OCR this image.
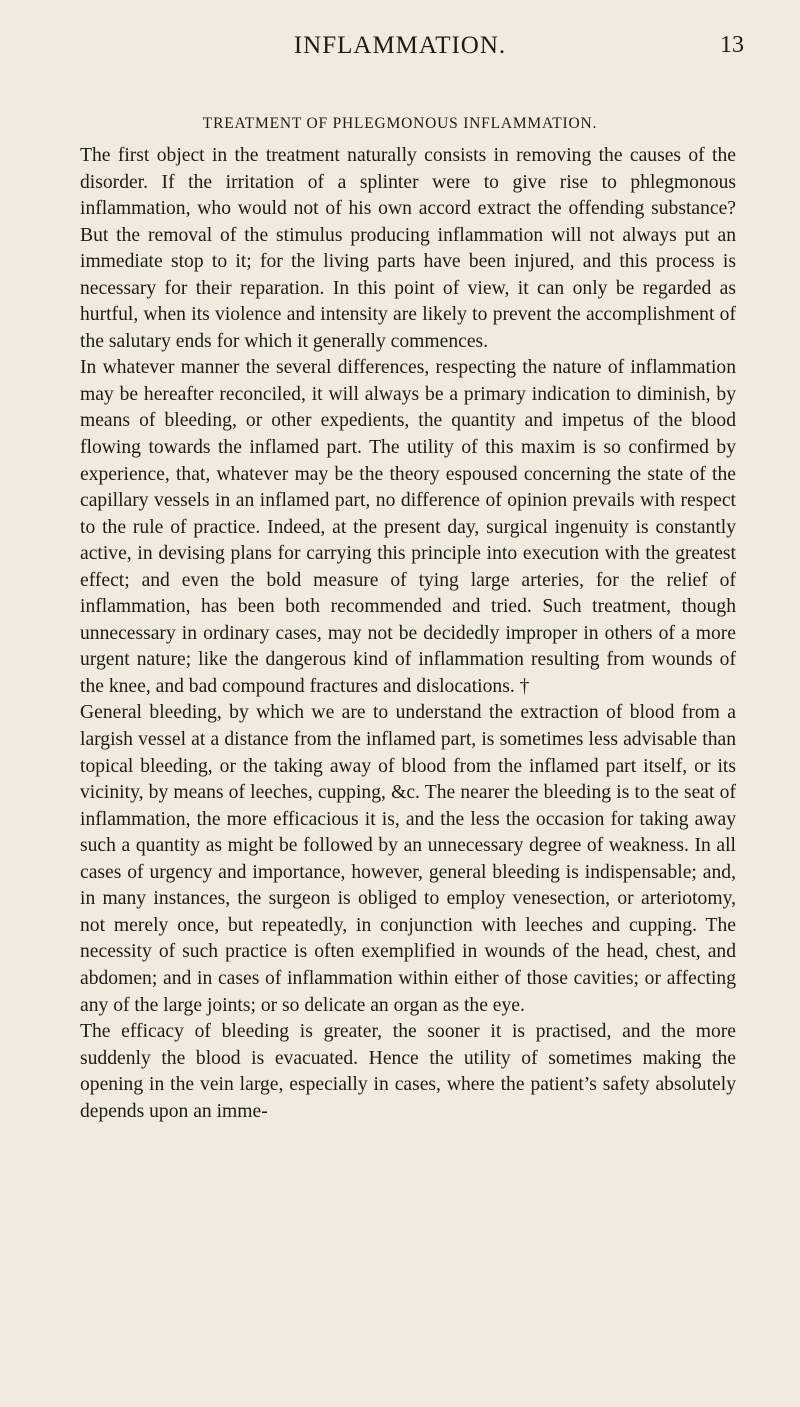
INFLAMMATION.	13
TREATMENT OF PHLEGMONOUS INFLAMMATION.

The first object in the treatment naturally consists in removing the causes of the disorder. If the irritation of a splinter were to give rise to phlegmonous inflammation, who would not of his own accord extract the offending substance? But the removal of the stimulus producing inflammation will not always put an immediate stop to it; for the living parts have been injured, and this process is necessary for their reparation. In this point of view, it can only be regarded as hurtful, when its violence and intensity are likely to prevent the accomplishment of the salutary ends for which it generally commences.

In whatever manner the several differences, respecting the nature of inflammation may be hereafter reconciled, it will always be a primary indication to diminish, by means of bleeding, or other expedients, the quantity and impetus of the blood flowing towards the inflamed part. The utility of this maxim is so confirmed by experience, that, whatever may be the theory espoused concerning the state of the capillary vessels in an inflamed part, no difference of opinion prevails with respect to the rule of practice. Indeed, at the present day, surgical ingenuity is constantly active, in devising plans for carrying this principle into execution with the greatest effect; and even the bold measure of tying large arteries, for the relief of inflammation, has been both recommended and tried. Such treatment, though unnecessary in ordinary cases, may not be decidedly improper in others of a more urgent nature; like the dangerous kind of inflammation resulting from wounds of the knee, and bad compound fractures and dislocations. †

General bleeding, by which we are to understand the extraction of blood from a largish vessel at a distance from the inflamed part, is sometimes less advisable than topical bleeding, or the taking away of blood from the inflamed part itself, or its vicinity, by means of leeches, cupping, &c. The nearer the bleeding is to the seat of inflammation, the more efficacious it is, and the less the occasion for taking away such a quantity as might be followed by an unnecessary degree of weakness. In all cases of urgency and importance, however, general bleeding is indispensable; and, in many instances, the surgeon is obliged to employ venesection, or arteriotomy, not merely once, but repeatedly, in conjunction with leeches and cupping. The necessity of such practice is often exemplified in wounds of the head, chest, and abdomen; and in cases of inflammation within either of those cavities; or affecting any of the large joints; or so delicate an organ as the eye.

The efficacy of bleeding is greater, the sooner it is practised, and the more suddenly the blood is evacuated. Hence the utility of sometimes making the opening in the vein large, especially in cases, where the patient’s safety absolutely depends upon an imme-
